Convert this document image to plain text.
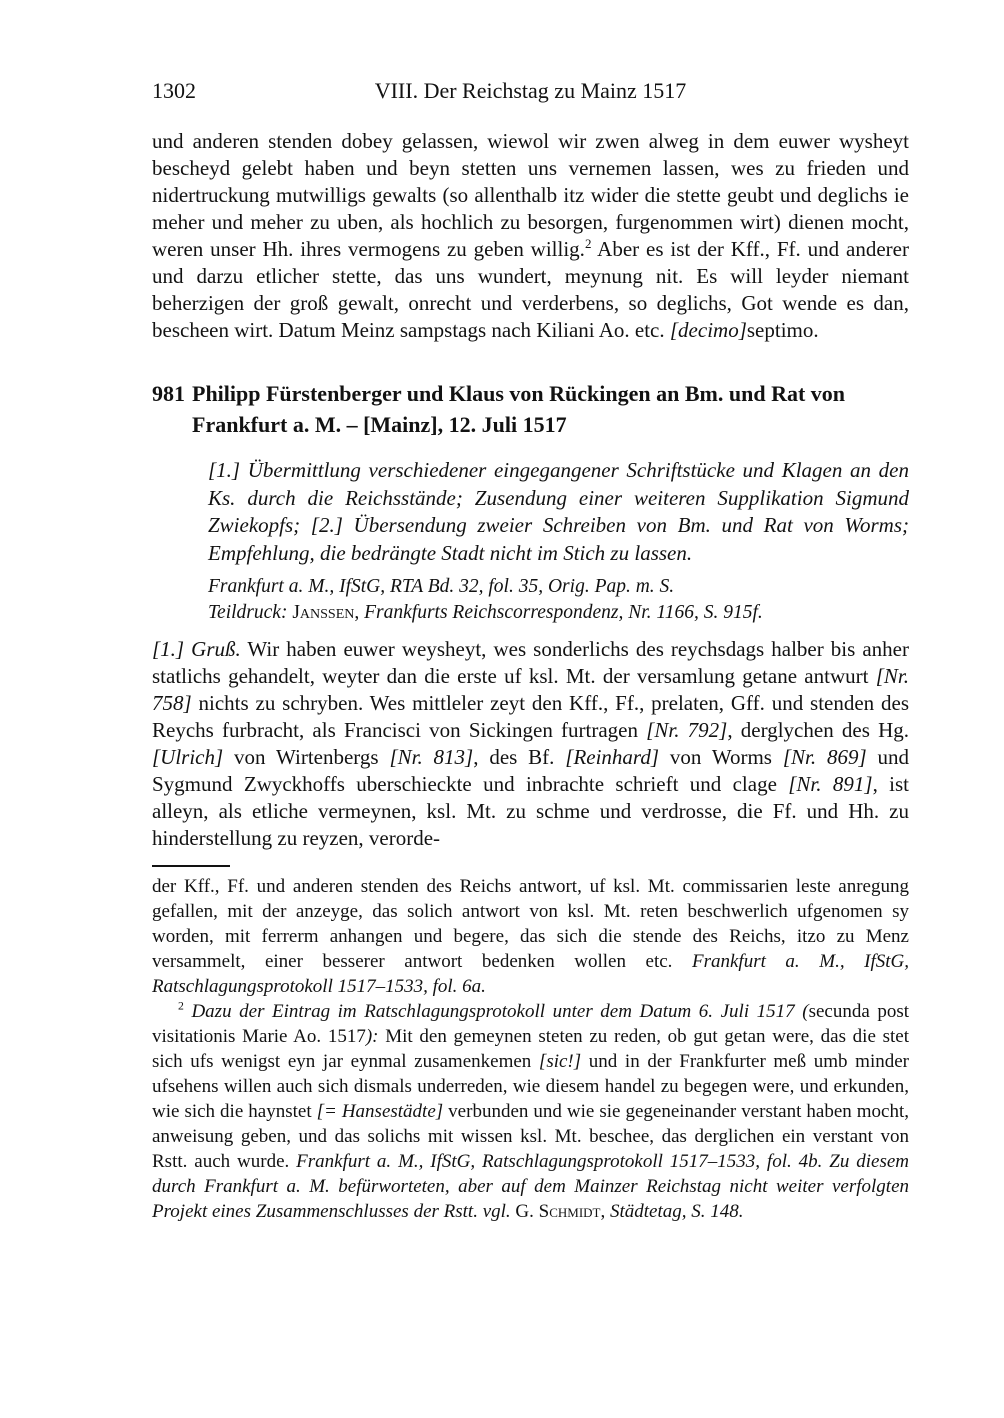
1302	VIII. Der Reichstag zu Mainz 1517

und anderen stenden dobey gelassen, wiewol wir zwen alweg in dem euwer wysheyt bescheyd gelebt haben und beyn stetten uns vernemen lassen, wes zu frieden und nidertruckung mutwilligs gewalts (so allenthalb itz wider die stette geubt und deglichs ie meher und meher zu uben, als hochlich zu besorgen, furgenommen wirt) dienen mocht, weren unser Hh. ihres vermogens zu geben willig.$^2$ Aber es ist der Kff., Ff. und anderer und darzu etlicher stette, das uns wundert, meynung nit. Es will leyder niemant beherzigen der groß gewalt, onrecht und verderbens, so deglichs, Got wende es dan, bescheen wirt. Datum Meinz sampstags nach Kiliani Ao. etc. [decimo]septimo.

981 Philipp Fürstenberger und Klaus von Rückingen an Bm. und Rat von Frankfurt a. M. – [Mainz], 12. Juli 1517

[1.] Übermittlung verschiedener eingegangener Schriftstücke und Klagen an den Ks. durch die Reichsstände; Zusendung einer weiteren Supplikation Sigmund Zwiekopfs; [2.] Übersendung zweier Schreiben von Bm. und Rat von Worms; Empfehlung, die bedrängte Stadt nicht im Stich zu lassen.

Frankfurt a. M., IfStG, RTA Bd. 32, fol. 35, Orig. Pap. m. S.

Teildruck: Janssen, Frankfurts Reichscorrespondenz, Nr. 1166, S. 915f.

[1.] Gruß. Wir haben euwer weysheyt, wes sonderlichs des reychsdags halber bis anher statlichs gehandelt, weyter dan die erste uf ksl. Mt. der versamlung getane antwurt [Nr. 758] nichts zu schryben. Wes mittleler zeyt den Kff., Ff., prelaten, Gff. und stenden des Reychs furbracht, als Francisci von Sickingen furtragen [Nr. 792], derglychen des Hg. [Ulrich] von Wirtenbergs [Nr. 813], des Bf. [Reinhard] von Worms [Nr. 869] und Sygmund Zwyckhoffs uberschieckte und inbrachte schrieft und clage [Nr. 891], ist alleyn, als etliche vermeynen, ksl. Mt. zu schme und verdrosse, die Ff. und Hh. zu hinderstellung zu reyzen, verorde-

der Kff., Ff. und anderen stenden des Reichs antwort, uf ksl. Mt. commissarien leste anregung gefallen, mit der anzeyge, das solich antwort von ksl. Mt. reten beschwerlich ufgenomen sy worden, mit ferrerm anhangen und begere, das sich die stende des Reichs, itzo zu Menz versammelt, einer besserer antwort bedenken wollen etc. Frankfurt a. M., IfStG, Ratschlagungsprotokoll 1517–1533, fol. 6a.

$^2$ Dazu der Eintrag im Ratschlagungsprotokoll unter dem Datum 6. Juli 1517 (secunda post visitationis Marie Ao. 1517): Mit den gemeynen steten zu reden, ob gut getan were, das die stet sich ufs wenigst eyn jar eynmal zusamenkemen [sic!] und in der Frankfurter meß umb minder ufsehens willen auch sich dismals underreden, wie diesem handel zu begegen were, und erkunden, wie sich die haynstet [= Hansestädte] verbunden und wie sie gegeneinander verstant haben mocht, anweisung geben, und das solichs mit wissen ksl. Mt. beschee, das derglichen ein verstant von Rstt. auch wurde. Frankfurt a. M., IfStG, Ratschlagungsprotokoll 1517–1533, fol. 4b. Zu diesem durch Frankfurt a. M. befürworteten, aber auf dem Mainzer Reichstag nicht weiter verfolgten Projekt eines Zusammenschlusses der Rstt. vgl. G. Schmidt, Städtetag, S. 148.
